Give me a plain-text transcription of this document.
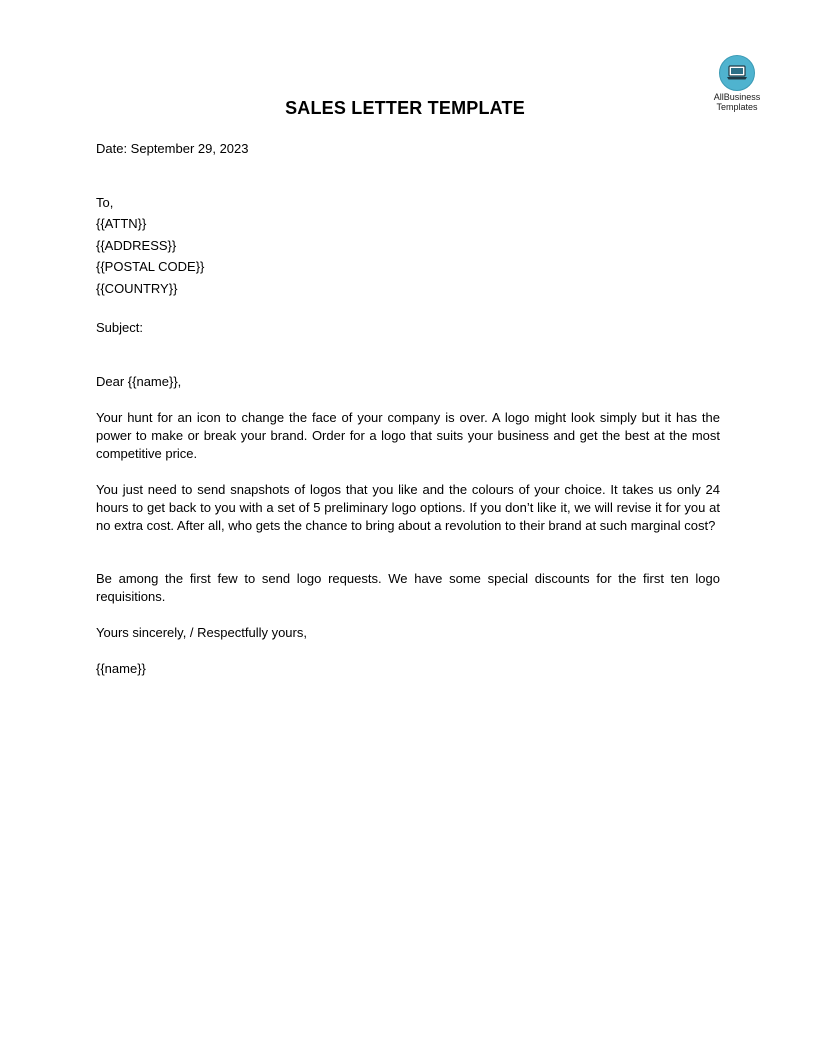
AllBusiness
Templates
SALES LETTER TEMPLATE
Date: September 29, 2023
To,
{{ATTN}}
{{ADDRESS}}
{{POSTAL CODE}}
{{COUNTRY}}
Subject:
Dear {{name}},
Your hunt for an icon to change the face of your company is over. A logo might look simply but it has the power to make or break your brand. Order for a logo that suits your business and get the best at the most competitive price.
You just need to send snapshots of logos that you like and the colours of your choice. It takes us only 24 hours to get back to you with a set of 5 preliminary logo options. If you don’t like it, we will revise it for you at no extra cost. After all, who gets the chance to bring about a revolution to their brand at such marginal cost?
Be among the first few to send logo requests. We have some special discounts for the first ten logo requisitions.
Yours sincerely, / Respectfully yours,
{{name}}
